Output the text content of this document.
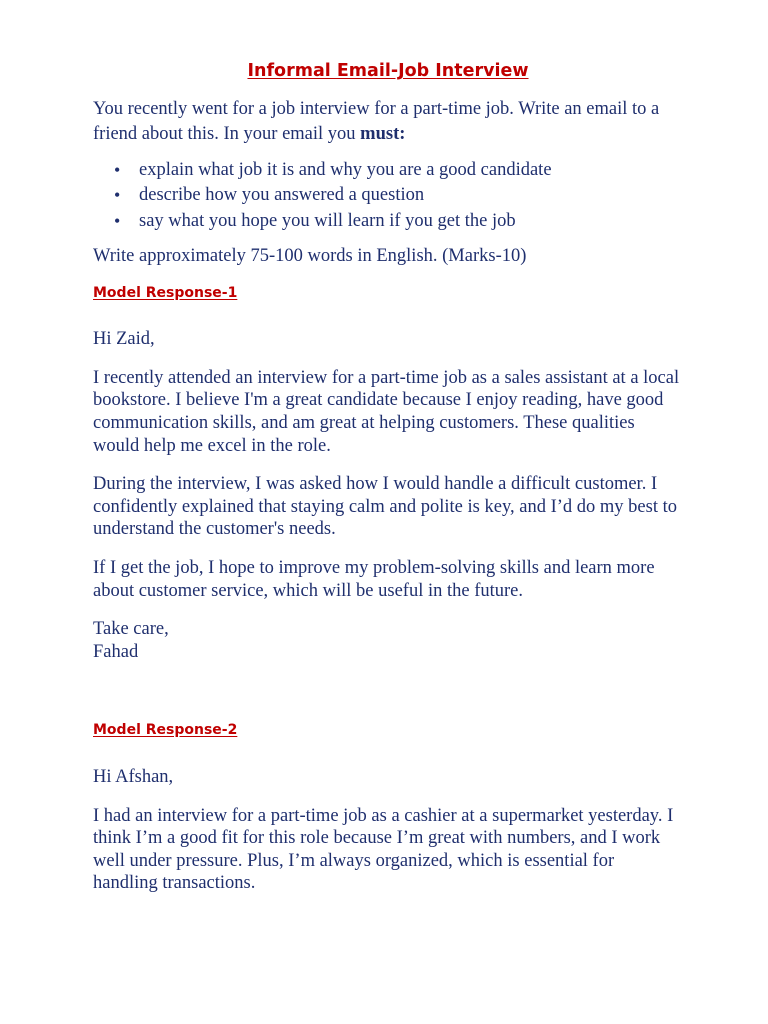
Informal Email-Job Interview

You recently went for a job interview for a part-time job. Write an email to a friend about this. In your email you must:

• explain what job it is and why you are a good candidate
• describe how you answered a question
• say what you hope you will learn if you get the job

Write approximately 75-100 words in English. (Marks-10)

Model Response-1

Hi Zaid,

I recently attended an interview for a part-time job as a sales assistant at a local bookstore. I believe I'm a great candidate because I enjoy reading, have good communication skills, and am great at helping customers. These qualities would help me excel in the role.

During the interview, I was asked how I would handle a difficult customer. I confidently explained that staying calm and polite is key, and I’d do my best to understand the customer's needs.

If I get the job, I hope to improve my problem-solving skills and learn more about customer service, which will be useful in the future.

Take care,
Fahad

Model Response-2

Hi Afshan,

I had an interview for a part-time job as a cashier at a supermarket yesterday. I think I’m a good fit for this role because I’m great with numbers, and I work well under pressure. Plus, I’m always organized, which is essential for handling transactions.
